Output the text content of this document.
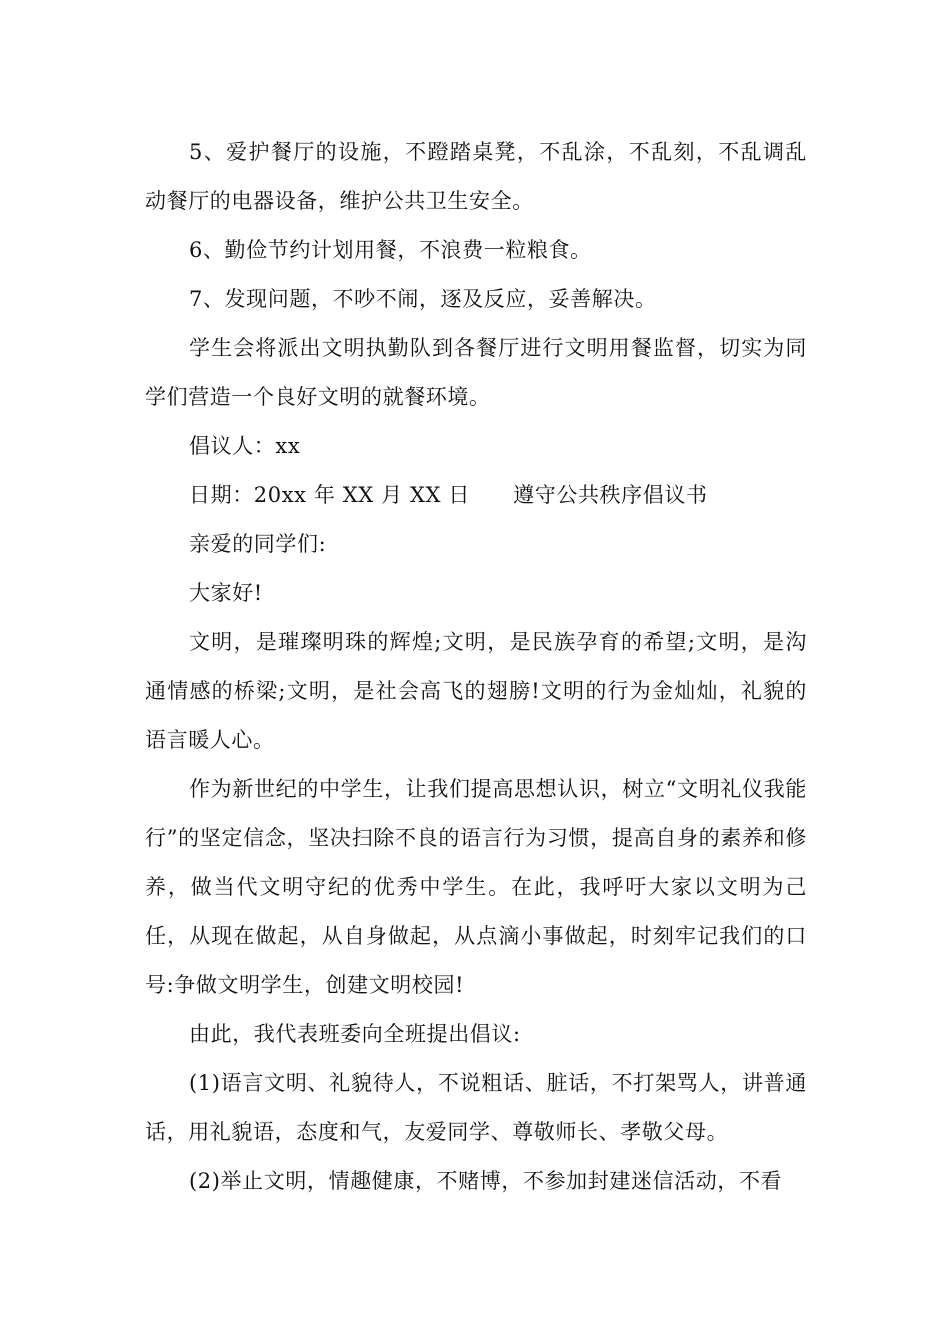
5、爱护餐厅的设施，不蹬踏桌凳，不乱涂，不乱刻，不乱调乱动餐厅的电器设备，维护公共卫生安全。

6、勤俭节约计划用餐，不浪费一粒粮食。

7、发现问题，不吵不闹，逐及反应，妥善解决。

学生会将派出文明执勤队到各餐厅进行文明用餐监督，切实为同学们营造一个良好文明的就餐环境。

倡议人：xx

日期：20xx 年 XX 月 XX 日　　遵守公共秩序倡议书

亲爱的同学们:

大家好!

文明，是璀璨明珠的辉煌;文明，是民族孕育的希望;文明，是沟通情感的桥梁;文明，是社会高飞的翅膀!文明的行为金灿灿，礼貌的语言暖人心。

作为新世纪的中学生，让我们提高思想认识，树立“文明礼仪我能行”的坚定信念，坚决扫除不良的语言行为习惯，提高自身的素养和修养，做当代文明守纪的优秀中学生。在此，我呼吁大家以文明为己任，从现在做起，从自身做起，从点滴小事做起，时刻牢记我们的口号:争做文明学生，创建文明校园!

由此，我代表班委向全班提出倡议:

(1)语言文明、礼貌待人，不说粗话、脏话，不打架骂人，讲普通话，用礼貌语，态度和气，友爱同学、尊敬师长、孝敬父母。

(2)举止文明，情趣健康，不赌博，不参加封建迷信活动，不看
